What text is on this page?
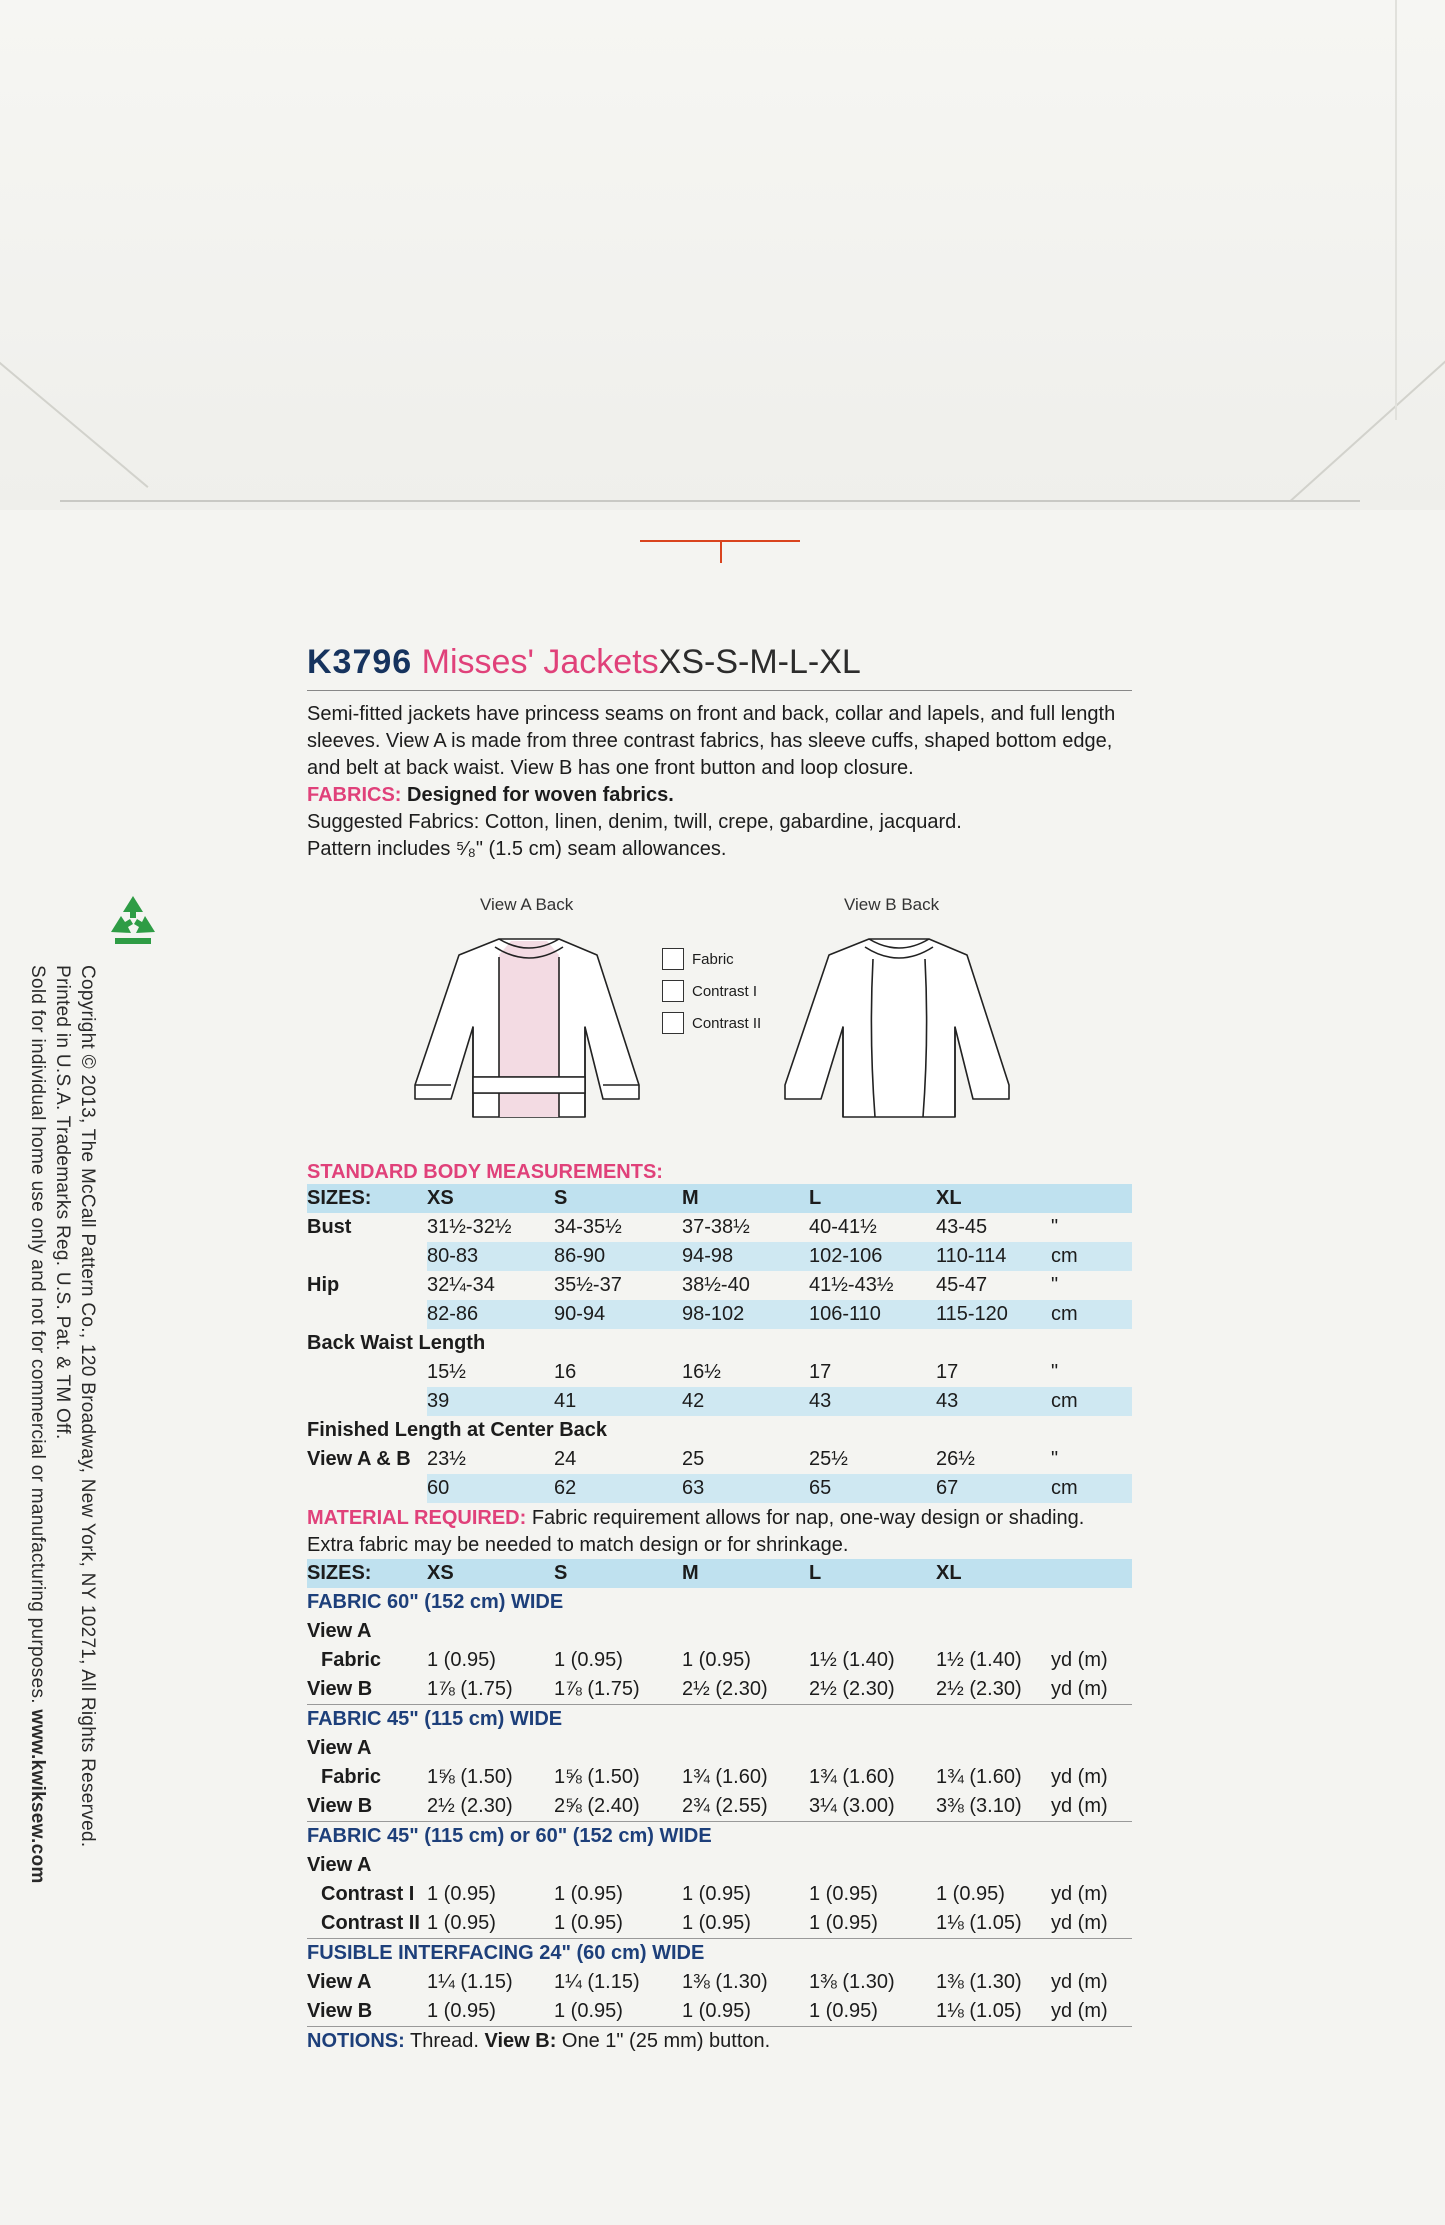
Copyright © 2013, The McCall Pattern Co., 120 Broadway, New York, NY 10271, All Rights Reserved.
Printed in U.S.A. Trademarks Reg. U.S. Pat. & TM Off.
Sold for individual home use only and not for commercial or manufacturing purposes. www.kwiksew.com
K3796 Misses' JacketsXS-S-M-L-XL
Semi-fitted jackets have princess seams on front and back, collar and lapels, and full length sleeves. View A is made from three contrast fabrics, has sleeve cuffs, shaped bottom edge, and belt at back waist. View B has one front button and loop closure.
FABRICS: Designed for woven fabrics.
Suggested Fabrics: Cotton, linen, denim, twill, crepe, gabardine, jacquard.
Pattern includes ⁵⁄₈" (1.5 cm) seam allowances.
View A Back	View B Back
Fabric
Contrast I
Contrast II
STANDARD BODY MEASUREMENTS:
SIZES:	XS	S	M	L	XL	
Bust	31½-32½	34-35½	37-38½	40-41½	43-45	"
	80-83	86-90	94-98	102-106	110-114	cm
Hip	32¼-34	35½-37	38½-40	41½-43½	45-47	"
	82-86	90-94	98-102	106-110	115-120	cm
Back Waist Length						
	15½	16	16½	17	17	"
	39	41	42	43	43	cm
Finished Length at Center Back						
View A & B	23½	24	25	25½	26½	"
	60	62	63	65	67	cm
MATERIAL REQUIRED: Fabric requirement allows for nap, one-way design or shading. Extra fabric may be needed to match design or for shrinkage.
SIZES:	XS	S	M	L	XL	
FABRIC 60" (152 cm) WIDE						
View A						
Fabric	1 (0.95)	1 (0.95)	1 (0.95)	1½ (1.40)	1½ (1.40)	yd (m)
View B	1⅞ (1.75)	1⅞ (1.75)	2½ (2.30)	2½ (2.30)	2½ (2.30)	yd (m)
FABRIC 45" (115 cm) WIDE						
View A						
Fabric	1⅝ (1.50)	1⅝ (1.50)	1¾ (1.60)	1¾ (1.60)	1¾ (1.60)	yd (m)
View B	2½ (2.30)	2⅝ (2.40)	2¾ (2.55)	3¼ (3.00)	3⅜ (3.10)	yd (m)
FABRIC 45" (115 cm) or 60" (152 cm) WIDE						
View A						
Contrast I	1 (0.95)	1 (0.95)	1 (0.95)	1 (0.95)	1 (0.95)	yd (m)
Contrast II	1 (0.95)	1 (0.95)	1 (0.95)	1 (0.95)	1⅛ (1.05)	yd (m)
FUSIBLE INTERFACING 24" (60 cm) WIDE						
View A	1¼ (1.15)	1¼ (1.15)	1⅜ (1.30)	1⅜ (1.30)	1⅜ (1.30)	yd (m)
View B	1 (0.95)	1 (0.95)	1 (0.95)	1 (0.95)	1⅛ (1.05)	yd (m)
NOTIONS: Thread. View B: One 1" (25 mm) button.						
